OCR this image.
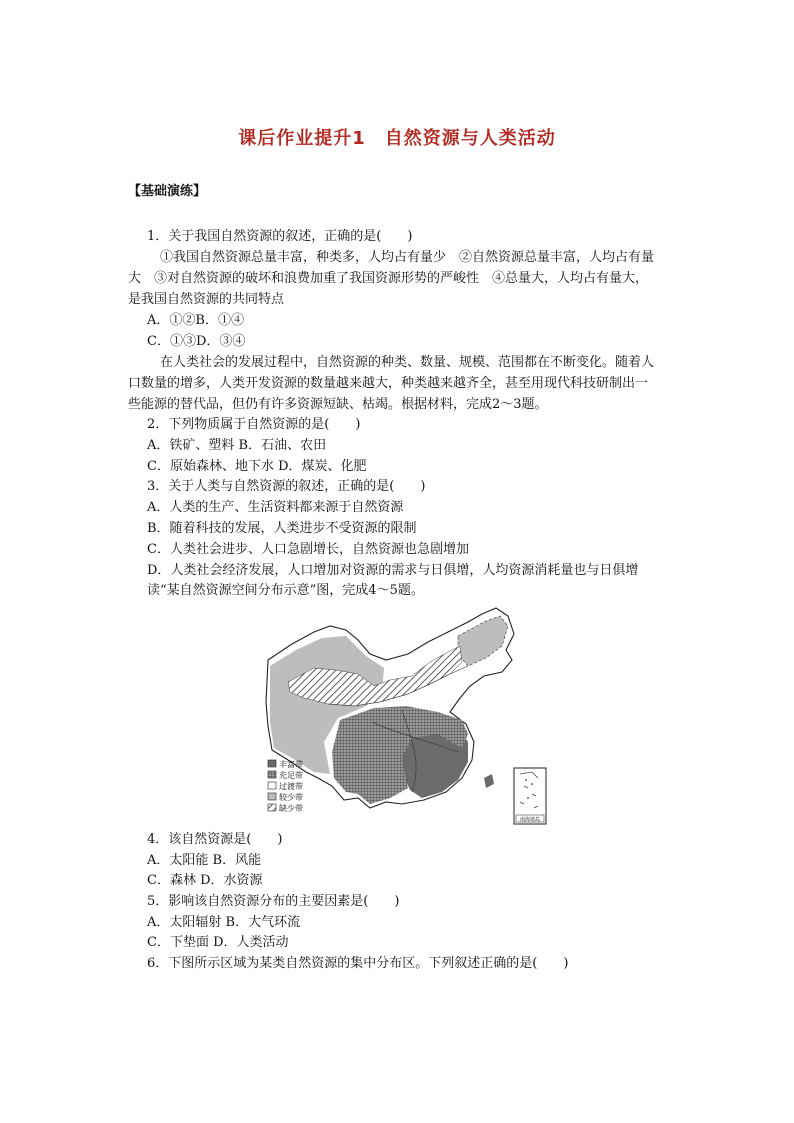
课后作业提升1　自然资源与人类活动
【基础演练】
1．关于我国自然资源的叙述，正确的是(　　)
　①我国自然资源总量丰富，种类多，人均占有量少　②自然资源总量丰富，人均占有量
大　③对自然资源的破坏和浪费加重了我国资源形势的严峻性　④总量大，人均占有量大，
是我国自然资源的共同特点
A．①②B．①④
C．①③D．③④
　在人类社会的发展过程中，自然资源的种类、数量、规模、范围都在不断变化。随着人
口数量的增多，人类开发资源的数量越来越大，种类越来越齐全，甚至用现代科技研制出一
些能源的替代品，但仍有许多资源短缺、枯竭。根据材料，完成2～3题。
2．下列物质属于自然资源的是(　　)
A．铁矿、塑料 B．石油、农田
C．原始森林、地下水 D．煤炭、化肥
3．关于人类与自然资源的叙述，正确的是(　　)
A．人类的生产、生活资料都来源于自然资源
B．随着科技的发展，人类进步不受资源的限制
C．人类社会进步、人口急剧增长，自然资源也急剧增加
D．人类社会经济发展，人口增加对资源的需求与日俱增，人均资源消耗量也与日俱增
读“某自然资源空间分布示意”图，完成4～5题。
丰富带
充足带
过渡带
较少带
缺少带
南海诸岛
4．该自然资源是(　　)
A．太阳能 B．风能
C．森林 D．水资源
5．影响该自然资源分布的主要因素是(　　)
A．太阳辐射 B．大气环流
C．下垫面 D．人类活动
6．下图所示区域为某类自然资源的集中分布区。下列叙述正确的是(　　)
